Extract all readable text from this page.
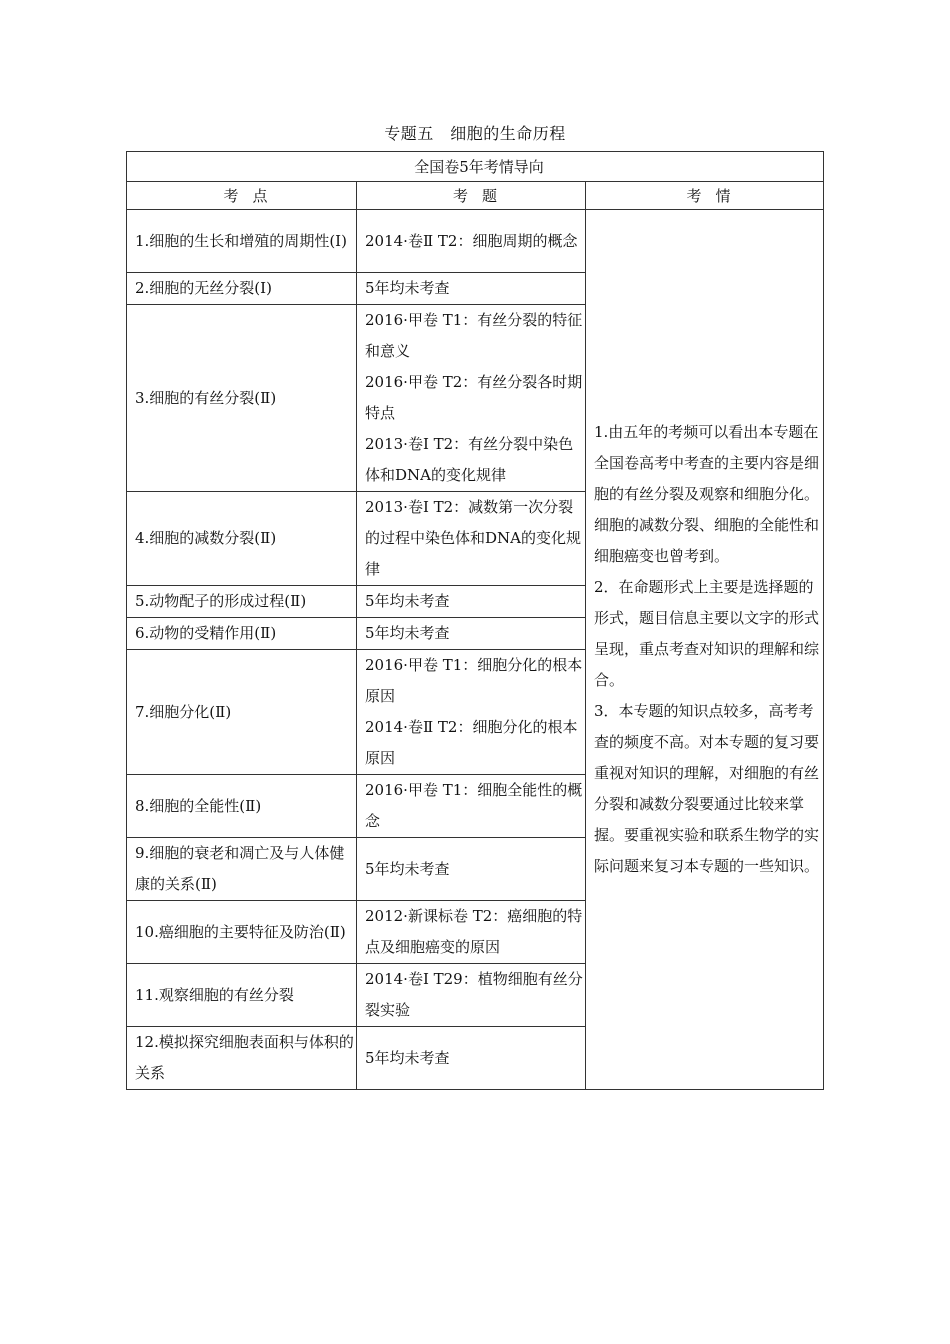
专题五　细胞的生命历程
全国卷5年考情导向		
考点	考题	考情
1.细胞的生长和增殖的周期性(Ⅰ)	2014·卷Ⅱ T2：细胞周期的概念	1.由五年的考频可以看出本专题在全国卷高考中考查的主要内容是细胞的有丝分裂及观察和细胞分化。细胞的减数分裂、细胞的全能性和细胞癌变也曾考到。
2．在命题形式上主要是选择题的形式，题目信息主要以文字的形式呈现，重点考查对知识的理解和综合。
3．本专题的知识点较多，高考考查的频度不高。对本专题的复习要重视对知识的理解，对细胞的有丝分裂和减数分裂要通过比较来掌握。要重视实验和联系生物学的实际问题来复习本专题的一些知识。

2.细胞的无丝分裂(Ⅰ)	5年均未考查	

3.细胞的有丝分裂(Ⅱ)	2016·甲卷 T1：有丝分裂的特征和意义
2016·甲卷 T2：有丝分裂各时期特点
2013·卷Ⅰ T2：有丝分裂中染色体和DNA的变化规律	

4.细胞的减数分裂(Ⅱ)	2013·卷Ⅰ T2：减数第一次分裂的过程中染色体和DNA的变化规律	

5.动物配子的形成过程(Ⅱ)	5年均未考查	

6.动物的受精作用(Ⅱ)	5年均未考查	

7.细胞分化(Ⅱ)	2016·甲卷 T1：细胞分化的根本原因
2014·卷Ⅱ T2：细胞分化的根本原因	

8.细胞的全能性(Ⅱ)	2016·甲卷 T1：细胞全能性的概念	

9.细胞的衰老和凋亡及与人体健康的关系(Ⅱ)	5年均未考查	
10.癌细胞的主要特征及防治(Ⅱ)	2012·新课标卷 T2：癌细胞的特点及细胞癌变的原因	

11.观察细胞的有丝分裂	2014·卷Ⅰ T29：植物细胞有丝分裂实验	

12.模拟探究细胞表面积与体积的关系	5年均未考查	
